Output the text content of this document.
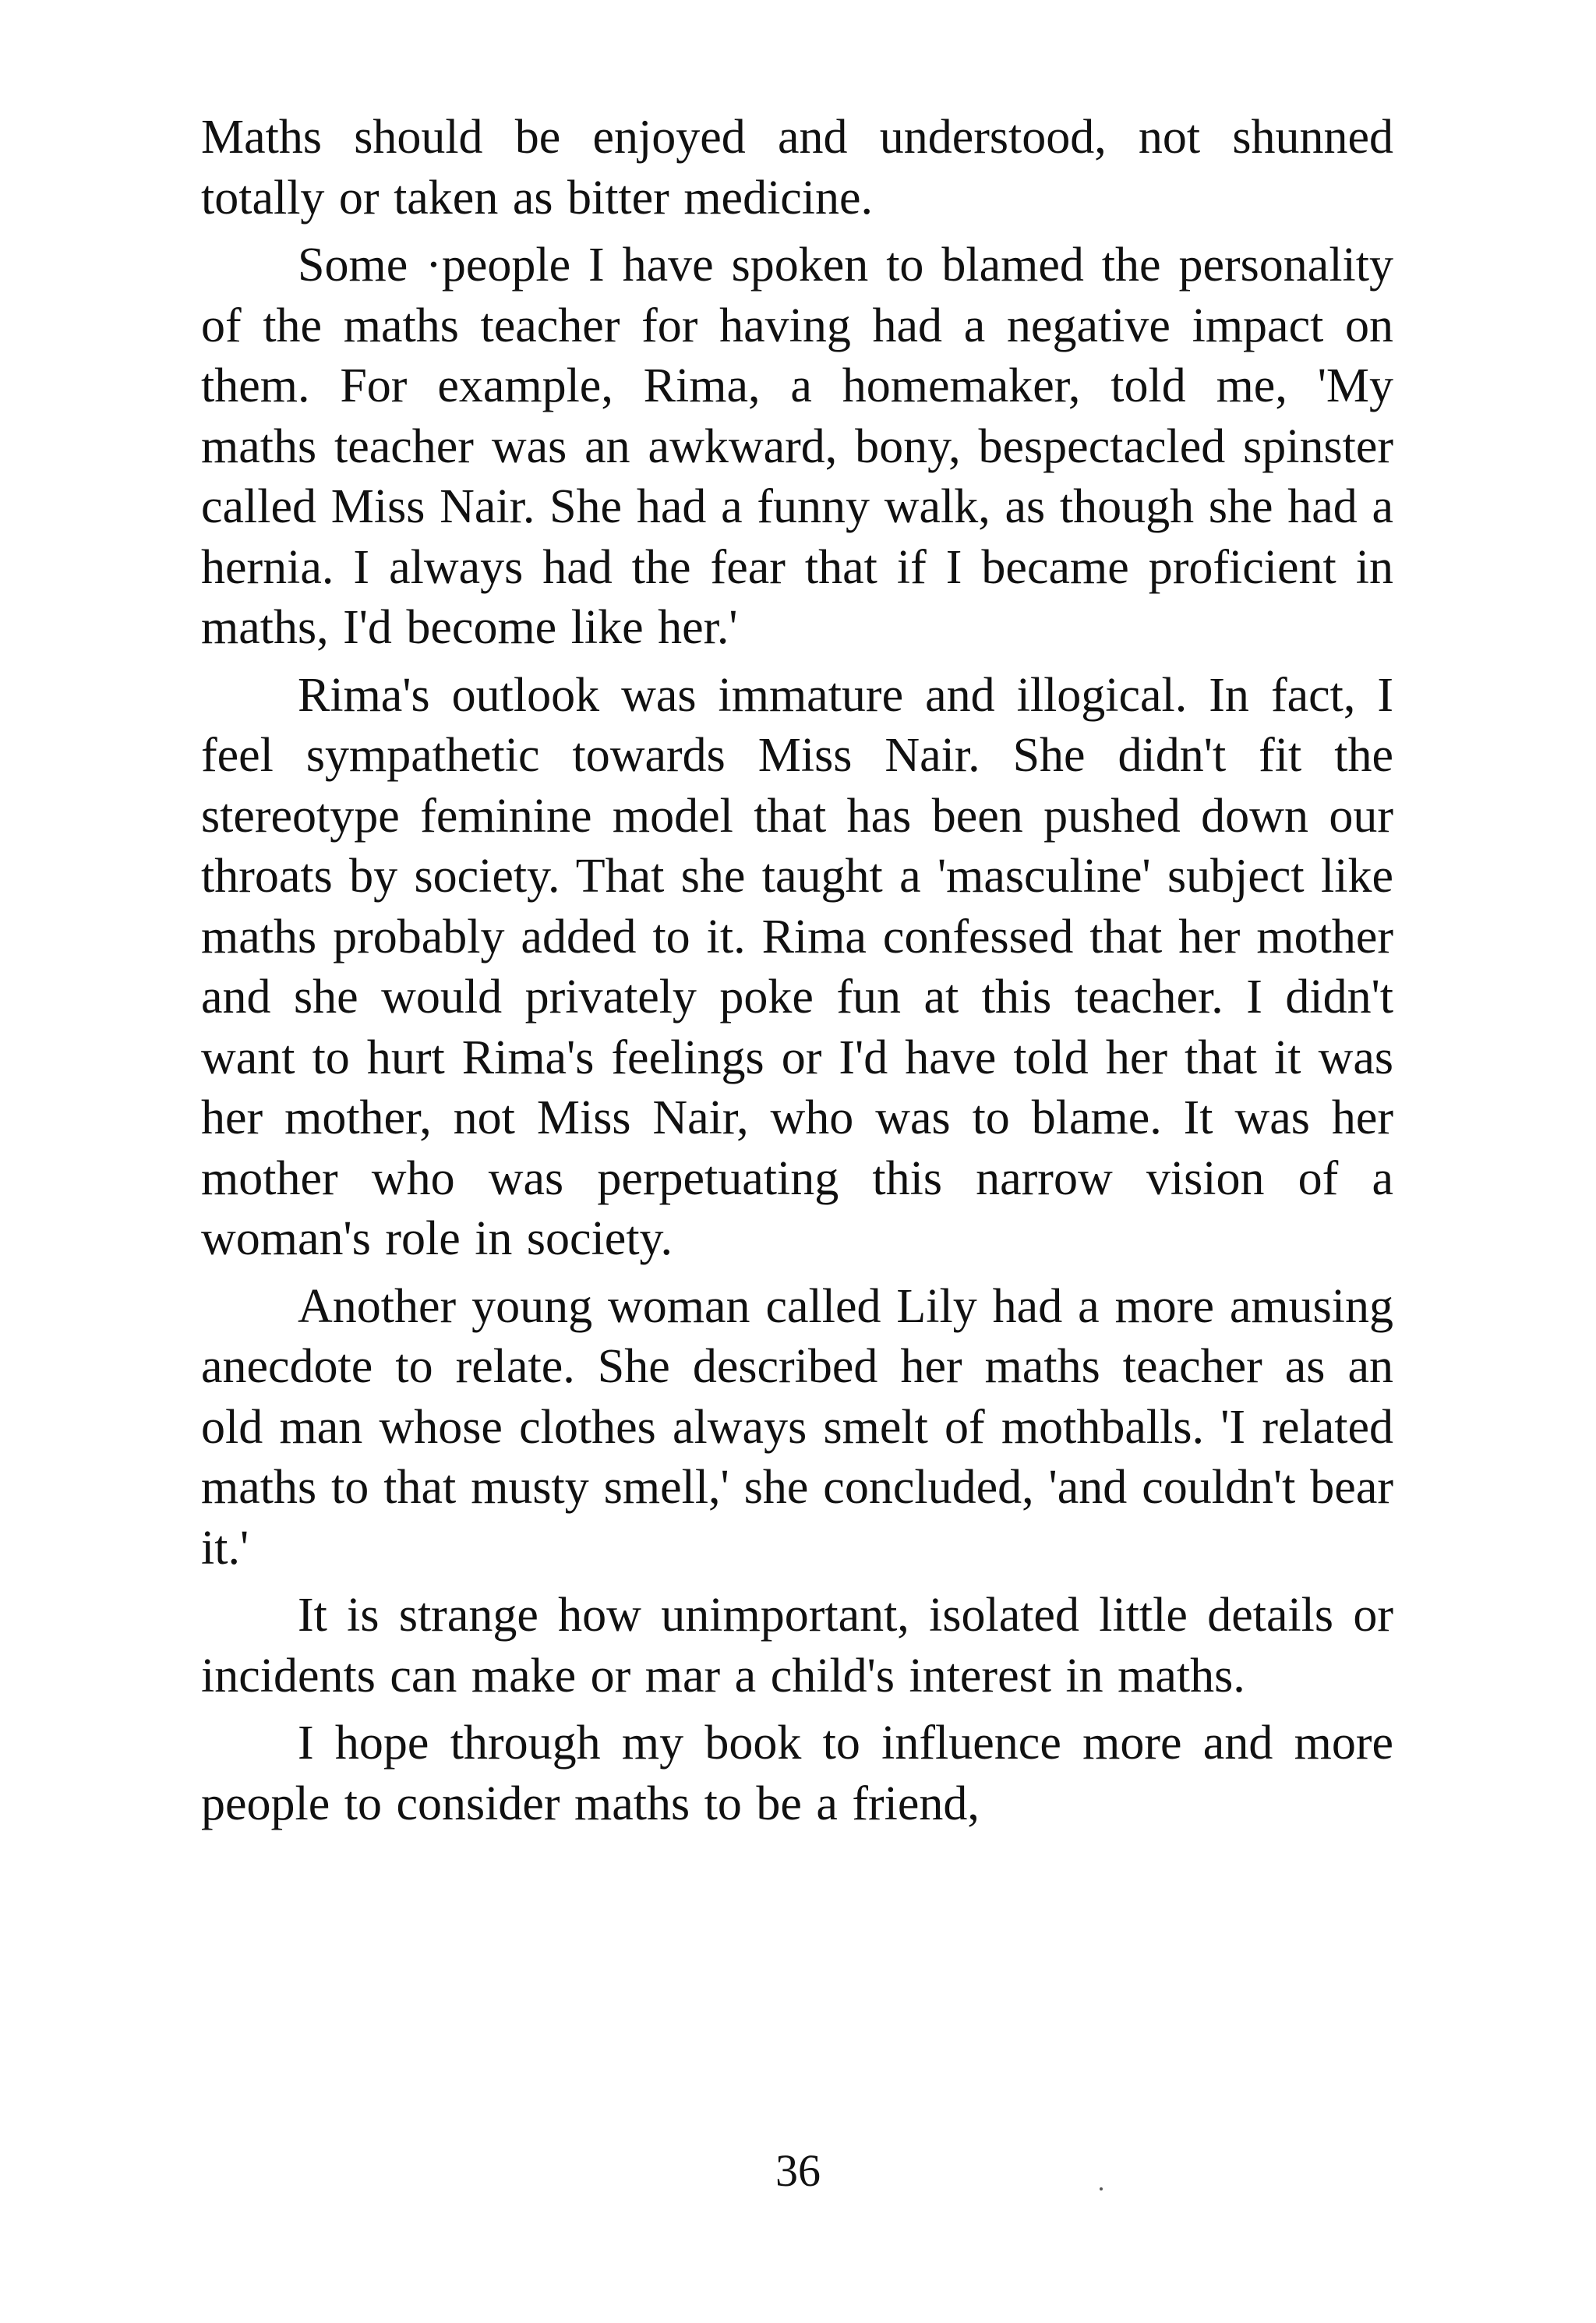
Maths should be enjoyed and understood, not shunned totally or taken as bitter medicine.

Some ·people I have spoken to blamed the personality of the maths teacher for having had a negative impact on them. For example, Rima, a homemaker, told me, 'My maths teacher was an awkward, bony, bespectacled spinster called Miss Nair. She had a funny walk, as though she had a hernia. I always had the fear that if I became proficient in maths, I'd become like her.'

Rima's outlook was immature and illogical. In fact, I feel sympathetic towards Miss Nair. She didn't fit the stereotype feminine model that has been pushed down our throats by society. That she taught a 'masculine' subject like maths probably added to it. Rima confessed that her mother and she would privately poke fun at this teacher. I didn't want to hurt Rima's feelings or I'd have told her that it was her mother, not Miss Nair, who was to blame. It was her mother who was perpetuating this narrow vision of a woman's role in society.

Another young woman called Lily had a more amusing anecdote to relate. She described her maths teacher as an old man whose clothes always smelt of mothballs. 'I related maths to that musty smell,' she concluded, 'and couldn't bear it.'

It is strange how unimportant, isolated little details or incidents can make or mar a child's interest in maths.

I hope through my book to influence more and more people to consider maths to be a friend,

36
